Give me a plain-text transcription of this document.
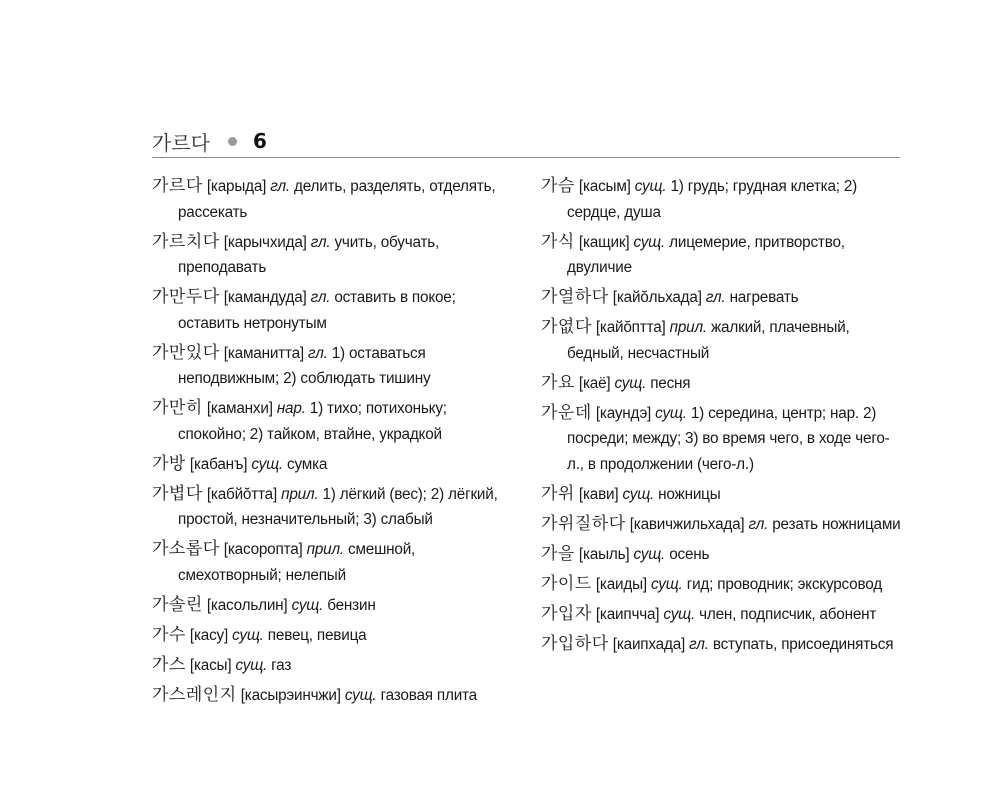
가르다 6

가르다 [карыда] гл. делить, разделять, отделять, рассекать

가르치다 [карычхида] гл. учить, обучать, преподавать

가만두다 [камандуда] гл. оставить в покое; оставить нетронутым

가만있다 [каманитта] гл. 1) оставаться неподвижным; 2) соблюдать тишину

가만히 [каманхи] нар. 1) тихо; потихоньку; спокойно; 2) тайком, втайне, украдкой

가방 [кабанъ] сущ. сумка

가볍다 [кабйŏтта] прил. 1) лёгкий (вес); 2) лёгкий, простой, незначительный; 3) слабый

가소롭다 [касоропта] прил. смешной, смехотворный; нелепый

가솔린 [касольлин] сущ. бензин

가수 [касу] сущ. певец, певица

가스 [касы] сущ. газ

가스레인지 [касырэинчжи] сущ. газовая плита

가슴 [касым] сущ. 1) грудь; грудная клетка; 2) сердце, душа

가식 [кащик] сущ. лицемерие, притворство, двуличие

가열하다 [кайŏльхада] гл. нагревать

가엾다 [кайŏптта] прил. жалкий, плачевный, бедный, несчастный

가요 [каё] сущ. песня

가운데 [каундэ] сущ. 1) середина, центр; нар. 2) посреди; между; 3) во время чего, в ходе чего-л., в продолжении (чего-л.)

가위 [кави] сущ. ножницы

가위질하다 [кавичжильхада] гл. резать ножницами

가을 [каыль] сущ. осень

가이드 [каиды] сущ. гид; проводник; экскурсовод

가입자 [каипчча] сущ. член, подписчик, абонент

가입하다 [каипхада] гл. вступать, присоединяться
